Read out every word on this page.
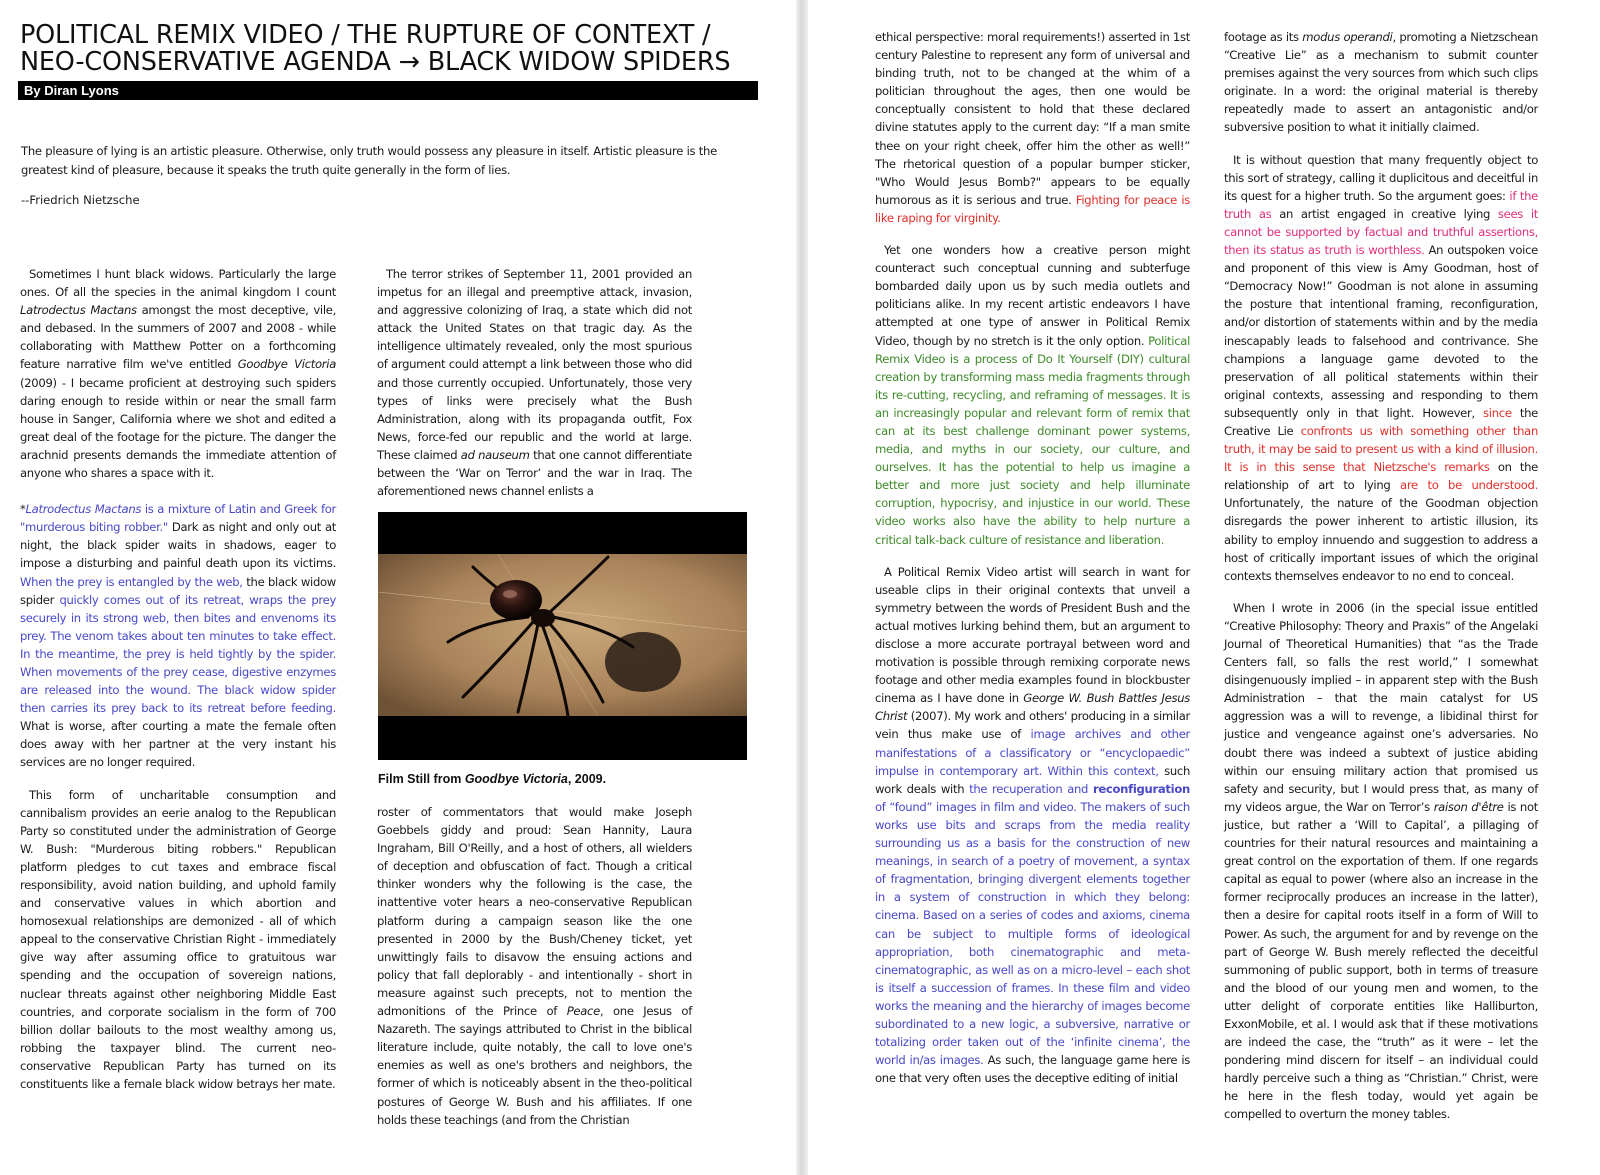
POLITICAL REMIX VIDEO / THE RUPTURE OF CONTEXT /
NEO-CONSERVATIVE AGENDA → BLACK WIDOW SPIDERS
By Diran Lyons

The pleasure of lying is an artistic pleasure. Otherwise, only truth would possess any pleasure in itself. Artistic pleasure is the greatest kind of pleasure, because it speaks the truth quite generally in the form of lies.

--Friedrich Nietzsche

Sometimes I hunt black widows. Particularly the large ones. Of all the species in the animal kingdom I count Latrodectus Mactans amongst the most deceptive, vile, and debased. In the summers of 2007 and 2008 - while collaborating with Matthew Potter on a forthcoming feature narrative film we've entitled Goodbye Victoria (2009) - I became proficient at destroying such spiders daring enough to reside within or near the small farm house in Sanger, California where we shot and edited a great deal of the footage for the picture. The danger the arachnid presents demands the immediate attention of anyone who shares a space with it.

*Latrodectus Mactans is a mixture of Latin and Greek for "murderous biting robber." Dark as night and only out at night, the black spider waits in shadows, eager to impose a disturbing and painful death upon its victims. When the prey is entangled by the web, the black widow spider quickly comes out of its retreat, wraps the prey securely in its strong web, then bites and envenoms its prey. The venom takes about ten minutes to take effect. In the meantime, the prey is held tightly by the spider. When movements of the prey cease, digestive enzymes are released into the wound. The black widow spider then carries its prey back to its retreat before feeding. What is worse, after courting a mate the female often does away with her partner at the very instant his services are no longer required.

This form of uncharitable consumption and cannibalism provides an eerie analog to the Republican Party so constituted under the administration of George W. Bush: "Murderous biting robbers." Republican platform pledges to cut taxes and embrace fiscal responsibility, avoid nation building, and uphold family and conservative values in which abortion and homosexual relationships are demonized - all of which appeal to the conservative Christian Right - immediately give way after assuming office to gratuitous war spending and the occupation of sovereign nations, nuclear threats against other neighboring Middle East countries, and corporate socialism in the form of 700 billion dollar bailouts to the most wealthy among us, robbing the taxpayer blind. The current neo-conservative Republican Party has turned on its constituents like a female black widow betrays her mate.

The terror strikes of September 11, 2001 provided an impetus for an illegal and preemptive attack, invasion, and aggressive colonizing of Iraq, a state which did not attack the United States on that tragic day. As the intelligence ultimately revealed, only the most spurious of argument could attempt a link between those who did and those currently occupied. Unfortunately, those very types of links were precisely what the Bush Administration, along with its propaganda outfit, Fox News, force-fed our republic and the world at large. These claimed ad nauseum that one cannot differentiate between the ‘War on Terror’ and the war in Iraq. The aforementioned news channel enlists a

Film Still from Goodbye Victoria, 2009.

roster of commentators that would make Joseph Goebbels giddy and proud: Sean Hannity, Laura Ingraham, Bill O'Reilly, and a host of others, all wielders of deception and obfuscation of fact. Though a critical thinker wonders why the following is the case, the inattentive voter hears a neo-conservative Republican platform during a campaign season like the one presented in 2000 by the Bush/Cheney ticket, yet unwittingly fails to disavow the ensuing actions and policy that fall deplorably - and intentionally - short in measure against such precepts, not to mention the admonitions of the Prince of Peace, one Jesus of Nazareth. The sayings attributed to Christ in the biblical literature include, quite notably, the call to love one's enemies as well as one's brothers and neighbors, the former of which is noticeably absent in the theo-political postures of George W. Bush and his affiliates. If one holds these teachings (and from the Christian

ethical perspective: moral requirements!) asserted in 1st century Palestine to represent any form of universal and binding truth, not to be changed at the whim of a politician throughout the ages, then one would be conceptually consistent to hold that these declared divine statutes apply to the current day: “If a man smite thee on your right cheek, offer him the other as well!” The rhetorical question of a popular bumper sticker, "Who Would Jesus Bomb?" appears to be equally humorous as it is serious and true. Fighting for peace is like raping for virginity.

Yet one wonders how a creative person might counteract such conceptual cunning and subterfuge bombarded daily upon us by such media outlets and politicians alike. In my recent artistic endeavors I have attempted at one type of answer in Political Remix Video, though by no stretch is it the only option. Political Remix Video is a process of Do It Yourself (DIY) cultural creation by transforming mass media fragments through its re-cutting, recycling, and reframing of messages. It is an increasingly popular and relevant form of remix that can at its best challenge dominant power systems, media, and myths in our society, our culture, and ourselves. It has the potential to help us imagine a better and more just society and help illuminate corruption, hypocrisy, and injustice in our world. These video works also have the ability to help nurture a critical talk-back culture of resistance and liberation.

A Political Remix Video artist will search in want for useable clips in their original contexts that unveil a symmetry between the words of President Bush and the actual motives lurking behind them, but an argument to disclose a more accurate portrayal between word and motivation is possible through remixing corporate news footage and other media examples found in blockbuster cinema as I have done in George W. Bush Battles Jesus Christ (2007). My work and others' producing in a similar vein thus make use of image archives and other manifestations of a classificatory or “encyclopaedic” impulse in contemporary art. Within this context, such work deals with the recuperation and reconfiguration of “found” images in film and video. The makers of such works use bits and scraps from the media reality surrounding us as a basis for the construction of new meanings, in search of a poetry of movement, a syntax of fragmentation, bringing divergent elements together in a system of construction in which they belong: cinema. Based on a series of codes and axioms, cinema can be subject to multiple forms of ideological appropriation, both cinematographic and meta-cinematographic, as well as on a micro-level – each shot is itself a succession of frames. In these film and video works the meaning and the hierarchy of images become subordinated to a new logic, a subversive, narrative or totalizing order taken out of the ‘infinite cinema’, the world in/as images. As such, the language game here is one that very often uses the deceptive editing of initial

footage as its modus operandi, promoting a Nietzschean “Creative Lie” as a mechanism to submit counter premises against the very sources from which such clips originate. In a word: the original material is thereby repeatedly made to assert an antagonistic and/or subversive position to what it initially claimed.

It is without question that many frequently object to this sort of strategy, calling it duplicitous and deceitful in its quest for a higher truth. So the argument goes: if the truth as an artist engaged in creative lying sees it cannot be supported by factual and truthful assertions, then its status as truth is worthless. An outspoken voice and proponent of this view is Amy Goodman, host of “Democracy Now!” Goodman is not alone in assuming the posture that intentional framing, reconfiguration, and/or distortion of statements within and by the media inescapably leads to falsehood and contrivance. She champions a language game devoted to the preservation of all political statements within their original contexts, assessing and responding to them subsequently only in that light. However, since the Creative Lie confronts us with something other than truth, it may be said to present us with a kind of illusion. It is in this sense that Nietzsche's remarks on the relationship of art to lying are to be understood. Unfortunately, the nature of the Goodman objection disregards the power inherent to artistic illusion, its ability to employ innuendo and suggestion to address a host of critically important issues of which the original contexts themselves endeavor to no end to conceal.

When I wrote in 2006 (in the special issue entitled “Creative Philosophy: Theory and Praxis” of the Angelaki Journal of Theoretical Humanities) that “as the Trade Centers fall, so falls the rest world,” I somewhat disingenuously implied – in apparent step with the Bush Administration – that the main catalyst for US aggression was a will to revenge, a libidinal thirst for justice and vengeance against one’s adversaries. No doubt there was indeed a subtext of justice abiding within our ensuing military action that promised us safety and security, but I would press that, as many of my videos argue, the War on Terror’s raison d'être is not justice, but rather a ‘Will to Capital’, a pillaging of countries for their natural resources and maintaining a great control on the exportation of them. If one regards capital as equal to power (where also an increase in the former reciprocally produces an increase in the latter), then a desire for capital roots itself in a form of Will to Power. As such, the argument for and by revenge on the part of George W. Bush merely reflected the deceitful summoning of public support, both in terms of treasure and the blood of our young men and women, to the utter delight of corporate entities like Halliburton, ExxonMobile, et al. I would ask that if these motivations are indeed the case, the “truth” as it were – let the pondering mind discern for itself – an individual could hardly perceive such a thing as “Christian.” Christ, were he here in the flesh today, would yet again be compelled to overturn the money tables.
